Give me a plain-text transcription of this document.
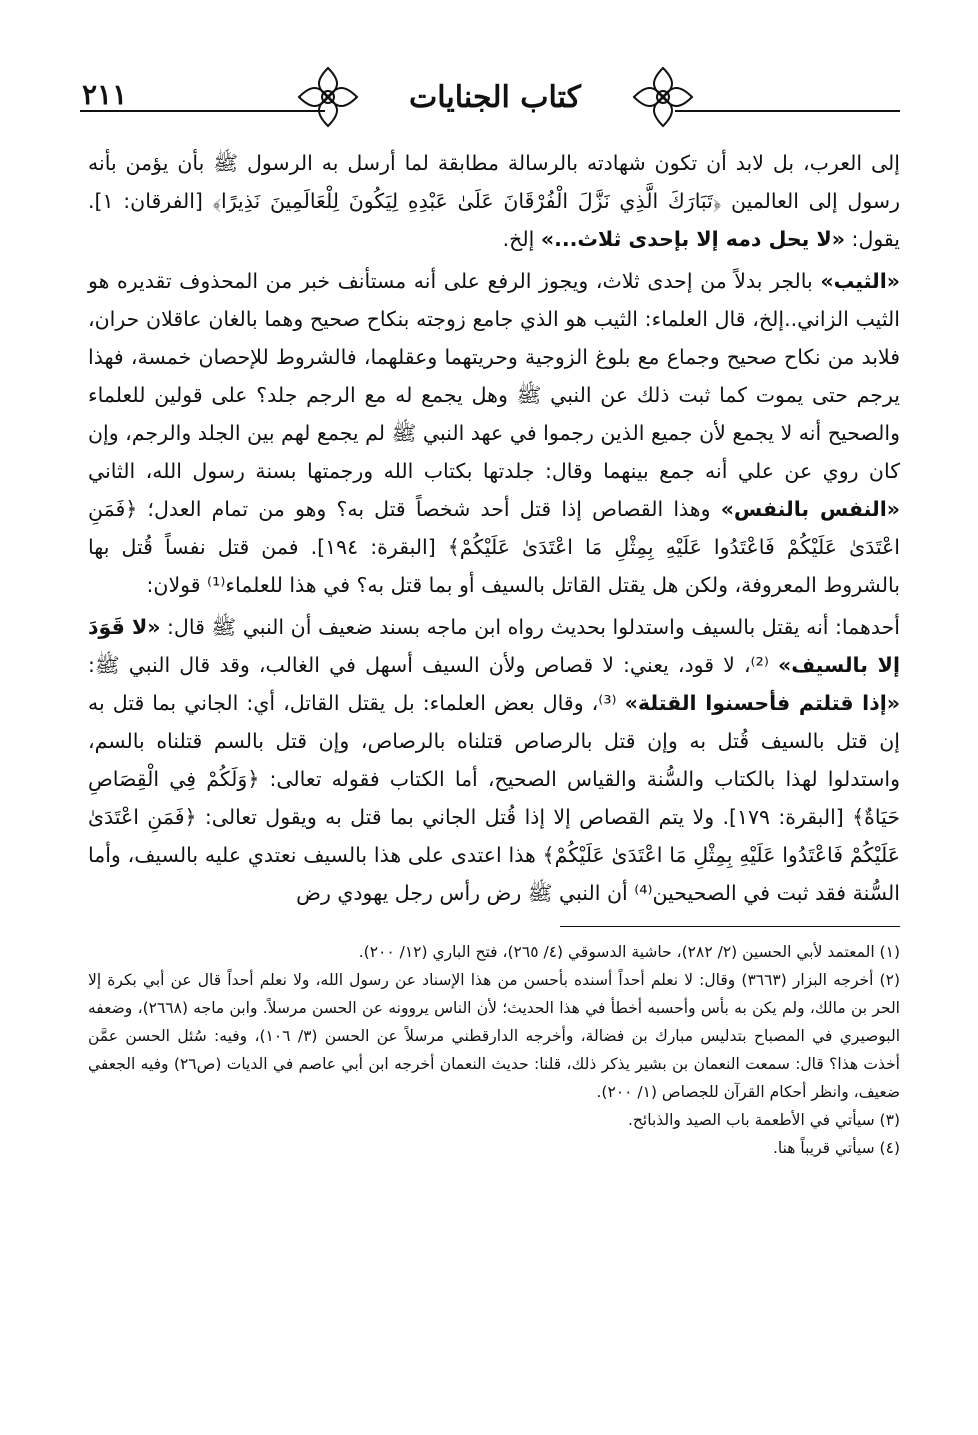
٢١١	كتاب الجنايات

إلى العرب، بل لابد أن تكون شهادته بالرسالة مطابقة لما أرسل به الرسول ﷺ بأن يؤمن بأنه رسول إلى العالمين ﴿تَبَارَكَ الَّذِي نَزَّلَ الْفُرْقَانَ عَلَىٰ عَبْدِهِ لِيَكُونَ لِلْعَالَمِينَ نَذِيرًا﴾ [الفرقان: ١]. يقول: «لا يحل دمه إلا بإحدى ثلاث...» إلخ.

«الثيب» بالجر بدلاً من إحدى ثلاث، ويجوز الرفع على أنه مستأنف خبر من المحذوف تقديره هو الثيب الزاني..إلخ، قال العلماء: الثيب هو الذي جامع زوجته بنكاح صحيح وهما بالغان عاقلان حران، فلابد من نكاح صحيح وجماع مع بلوغ الزوجية وحريتهما وعقلهما، فالشروط للإحصان خمسة، فهذا يرجم حتى يموت كما ثبت ذلك عن النبي ﷺ وهل يجمع له مع الرجم جلد؟ على قولين للعلماء والصحيح أنه لا يجمع لأن جميع الذين رجموا في عهد النبي ﷺ لم يجمع لهم بين الجلد والرجم، وإن كان روي عن علي أنه جمع بينهما وقال: جلدتها بكتاب الله ورجمتها بسنة رسول الله، الثاني «النفس بالنفس» وهذا القصاص إذا قتل أحد شخصاً قتل به؟ وهو من تمام العدل؛ ﴿فَمَنِ اعْتَدَىٰ عَلَيْكُمْ فَاعْتَدُوا عَلَيْهِ بِمِثْلِ مَا اعْتَدَىٰ عَلَيْكُمْ﴾ [البقرة: ١٩٤]. فمن قتل نفساً قُتل بها بالشروط المعروفة، ولكن هل يقتل القاتل بالسيف أو بما قتل به؟ في هذا للعلماء⁽¹⁾ قولان:

أحدهما: أنه يقتل بالسيف واستدلوا بحديث رواه ابن ماجه بسند ضعيف أن النبي ﷺ قال: «لا قَوَدَ إلا بالسيف» ⁽²⁾، لا قود، يعني: لا قصاص ولأن السيف أسهل في الغالب، وقد قال النبي ﷺ: «إذا قتلتم فأحسنوا القتلة» ⁽³⁾، وقال بعض العلماء: بل يقتل القاتل، أي: الجاني بما قتل به إن قتل بالسيف قُتل به وإن قتل بالرصاص قتلناه بالرصاص، وإن قتل بالسم قتلناه بالسم، واستدلوا لهذا بالكتاب والسُّنة والقياس الصحيح، أما الكتاب فقوله تعالى: ﴿وَلَكُمْ فِي الْقِصَاصِ حَيَاةٌ﴾ [البقرة: ١٧٩]. ولا يتم القصاص إلا إذا قُتل الجاني بما قتل به ويقول تعالى: ﴿فَمَنِ اعْتَدَىٰ عَلَيْكُمْ فَاعْتَدُوا عَلَيْهِ بِمِثْلِ مَا اعْتَدَىٰ عَلَيْكُمْ﴾ هذا اعتدى على هذا بالسيف نعتدي عليه بالسيف، وأما السُّنة فقد ثبت في الصحيحين⁽⁴⁾ أن النبي ﷺ رض رأس رجل يهودي رض

(١) المعتمد لأبي الحسين (٢/ ٢٨٢)، حاشية الدسوقي (٤/ ٢٦٥)، فتح الباري (١٢/ ٢٠٠).

(٢) أخرجه البزار (٣٦٦٣) وقال: لا نعلم أحداً أسنده بأحسن من هذا الإسناد عن رسول الله، ولا نعلم أحداً قال عن أبي بكرة إلا الحر بن مالك، ولم يكن به بأس وأحسبه أخطأ في هذا الحديث؛ لأن الناس يروونه عن الحسن مرسلاً. وابن ماجه (٢٦٦٨)، وضعفه البوصيري في المصباح بتدليس مبارك بن فضالة، وأخرجه الدارقطني مرسلاً عن الحسن (٣/ ١٠٦)، وفيه: سُئل الحسن عمَّن أخذت هذا؟ قال: سمعت النعمان بن بشير يذكر ذلك، قلنا: حديث النعمان أخرجه ابن أبي عاصم في الديات (ص٢٦) وفيه الجعفي ضعيف، وانظر أحكام القرآن للجصاص (١/ ٢٠٠).

(٣) سيأتي في الأطعمة باب الصيد والذبائح.

(٤) سيأتي قريباً هنا.
